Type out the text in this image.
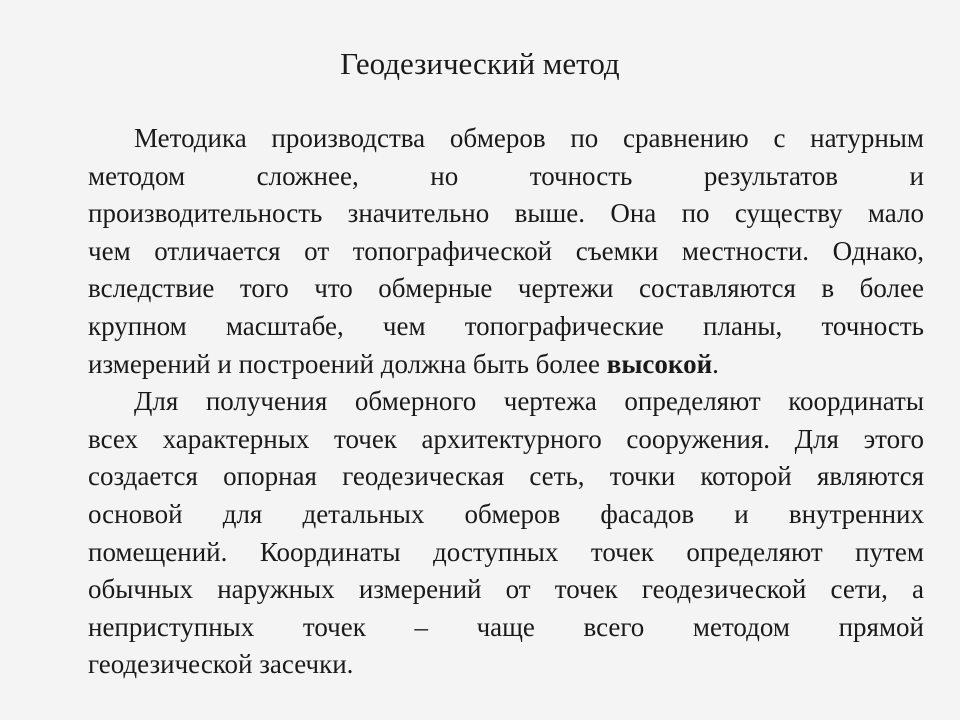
Геодезический метод
Методика производства обмеров по сравнению с натурным
методом сложнее, но точность результатов и
производительность значительно выше. Она по существу мало
чем отличается от топографической съемки местности. Однако,
вследствие того что обмерные чертежи составляются в более
крупном масштабе, чем топографические планы, точность
измерений и построений должна быть более высокой.
Для получения обмерного чертежа определяют координаты
всех характерных точек архитектурного сооружения. Для этого
создается опорная геодезическая сеть, точки которой являются
основой для детальных обмеров фасадов и внутренних
помещений. Координаты доступных точек определяют путем
обычных наружных измерений от точек геодезической сети, а
неприступных точек – чаще всего методом прямой
геодезической засечки.
